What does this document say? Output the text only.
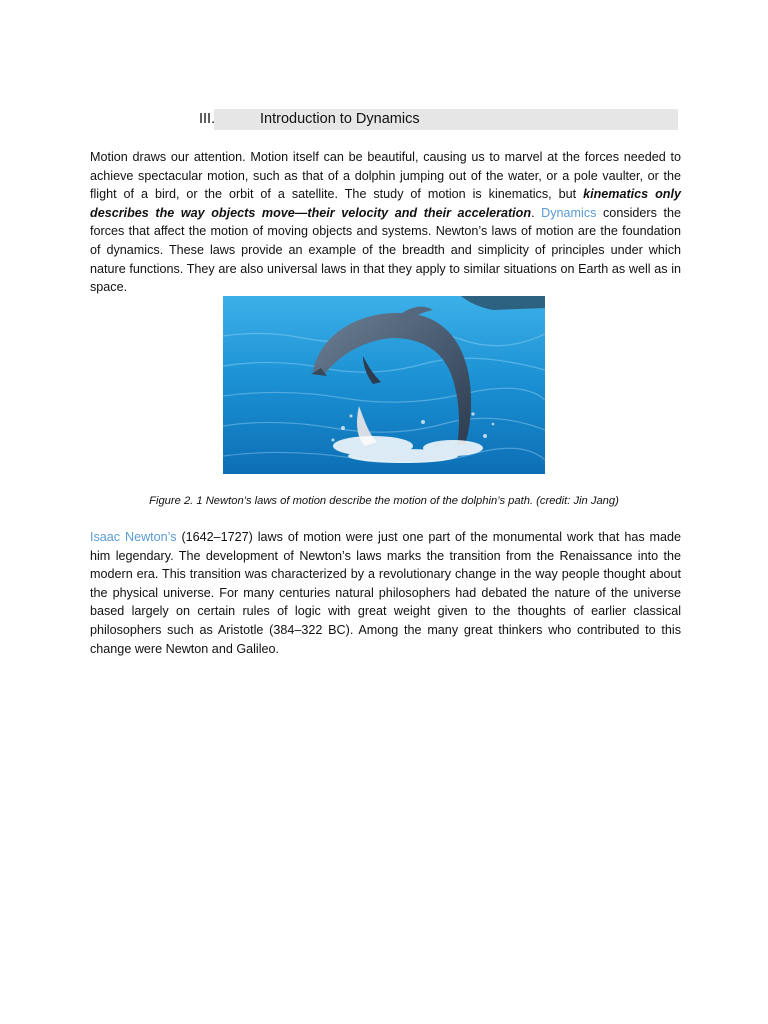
III.	Introduction to Dynamics

Motion draws our attention. Motion itself can be beautiful, causing us to marvel at the forces needed to achieve spectacular motion, such as that of a dolphin jumping out of the water, or a pole vaulter, or the flight of a bird, or the orbit of a satellite. The study of motion is kinematics, but kinematics only describes the way objects move—their velocity and their acceleration. Dynamics considers the forces that affect the motion of moving objects and systems. Newton’s laws of motion are the foundation of dynamics. These laws provide an example of the breadth and simplicity of principles under which nature functions. They are also universal laws in that they apply to similar situations on Earth as well as in space.

Figure 2. 1 Newton’s laws of motion describe the motion of the dolphin’s path. (credit: Jin Jang)

Isaac Newton’s (1642–1727) laws of motion were just one part of the monumental work that has made him legendary. The development of Newton’s laws marks the transition from the Renaissance into the modern era. This transition was characterized by a revolutionary change in the way people thought about the physical universe. For many centuries natural philosophers had debated the nature of the universe based largely on certain rules of logic with great weight given to the thoughts of earlier classical philosophers such as Aristotle (384–322 BC). Among the many great thinkers who contributed to this change were Newton and Galileo.
